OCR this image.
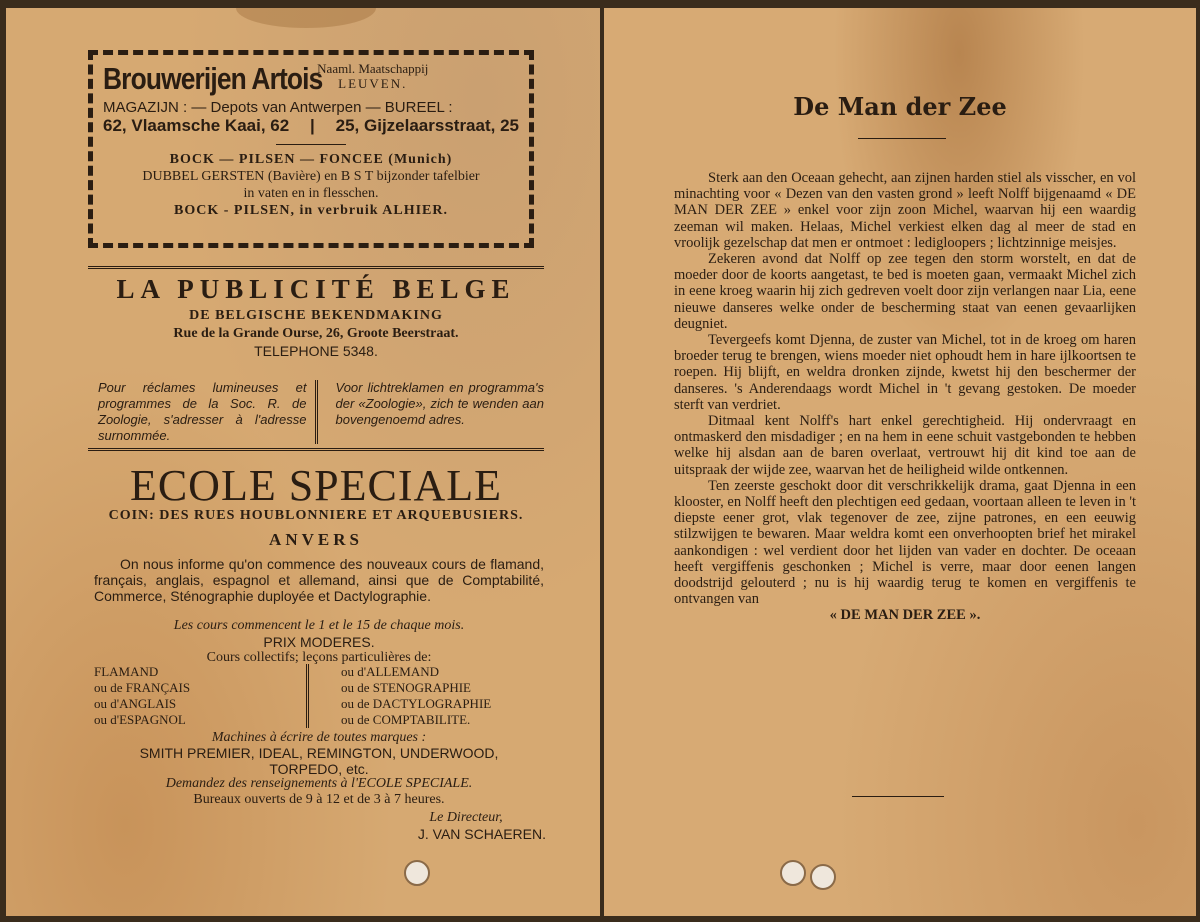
Brouwerijen Artois
Naaml. Maatschappij
LEUVEN.
MAGAZIJN : — Depots van Antwerpen — BUREEL :
62, Vlaamsche Kaai, 62 | 25, Gijzelaarsstraat, 25
BOCK — PILSEN — FONCEE (Munich)
DUBBEL GERSTEN (Bavière) en B S T bijzonder tafelbier
in vaten en in flesschen.
BOCK - PILSEN, in verbruik ALHIER.
LA PUBLICITÉ BELGE
DE BELGISCHE BEKENDMAKING
Rue de la Grande Ourse, 26, Groote Beerstraat.
TELEPHONE 5348.
Pour réclames lumineuses et programmes de la Soc. R. de Zoologie, s'adresser à l'adresse surnommée.
Voor lichtreklamen en programma's der «Zoologie», zich te wenden aan bovengenoemd adres.
ECOLE SPECIALE
COIN: DES RUES HOUBLONNIERE ET ARQUEBUSIERS.
ANVERS
On nous informe qu'on commence des nouveaux cours de flamand, français, anglais, espagnol et allemand, ainsi que de Comptabilité, Commerce, Sténographie duployée et Dactylographie.
Les cours commencent le 1 et le 15 de chaque mois.
PRIX MODERES.
Cours collectifs; leçons particulières de:
FLAMAND
ou de FRANÇAIS
ou d'ANGLAIS
ou d'ESPAGNOL
ou d'ALLEMAND
ou de STENOGRAPHIE
ou de DACTYLOGRAPHIE
ou de COMPTABILITE.
Machines à écrire de toutes marques :
SMITH PREMIER, IDEAL, REMINGTON, UNDERWOOD,
TORPEDO, etc.
Demandez des renseignements à l'ECOLE SPECIALE.
Bureaux ouverts de 9 à 12 et de 3 à 7 heures.
Le Directeur,
J. VAN SCHAEREN.
De Man der Zee

Sterk aan den Oceaan gehecht, aan zijnen harden stiel als visscher, en vol minachting voor « Dezen van den vasten grond » leeft Nolff bijgenaamd « DE MAN DER ZEE » enkel voor zijn zoon Michel, waarvan hij een waardig zeeman wil maken. Helaas, Michel verkiest elken dag al meer de stad en vroolijk gezelschap dat men er ontmoet : ledigloopers ; lichtzinnige meisjes.

Zekeren avond dat Nolff op zee tegen den storm worstelt, en dat de moeder door de koorts aangetast, te bed is moeten gaan, vermaakt Michel zich in eene kroeg waarin hij zich gedreven voelt door zijn verlangen naar Lia, eene nieuwe danseres welke onder de bescherming staat van eenen gevaarlijken deugniet.

Tevergeefs komt Djenna, de zuster van Michel, tot in de kroeg om haren broeder terug te brengen, wiens moeder niet ophoudt hem in hare ijlkoortsen te roepen. Hij blijft, en weldra dronken zijnde, kwetst hij den beschermer der danseres. 's Anderendaags wordt Michel in 't gevang gestoken. De moeder sterft van verdriet.

Ditmaal kent Nolff's hart enkel gerechtigheid. Hij ondervraagt en ontmaskerd den misdadiger ; en na hem in eene schuit vastgebonden te hebben welke hij alsdan aan de baren overlaat, vertrouwt hij dit kind toe aan de uitspraak der wijde zee, waarvan het de heiligheid wilde ontkennen.

Ten zeerste geschokt door dit verschrikkelijk drama, gaat Djenna in een klooster, en Nolff heeft den plechtigen eed gedaan, voortaan alleen te leven in 't diepste eener grot, vlak tegenover de zee, zijne patrones, en een eeuwig stilzwijgen te bewaren. Maar weldra komt een onverhoopten brief het mirakel aankondigen : wel verdient door het lijden van vader en dochter. De oceaan heeft vergiffenis geschonken ; Michel is verre, maar door eenen langen doodstrijd gelouterd ; nu is hij waardig terug te komen en vergiffenis te ontvangen van

« DE MAN DER ZEE ».
